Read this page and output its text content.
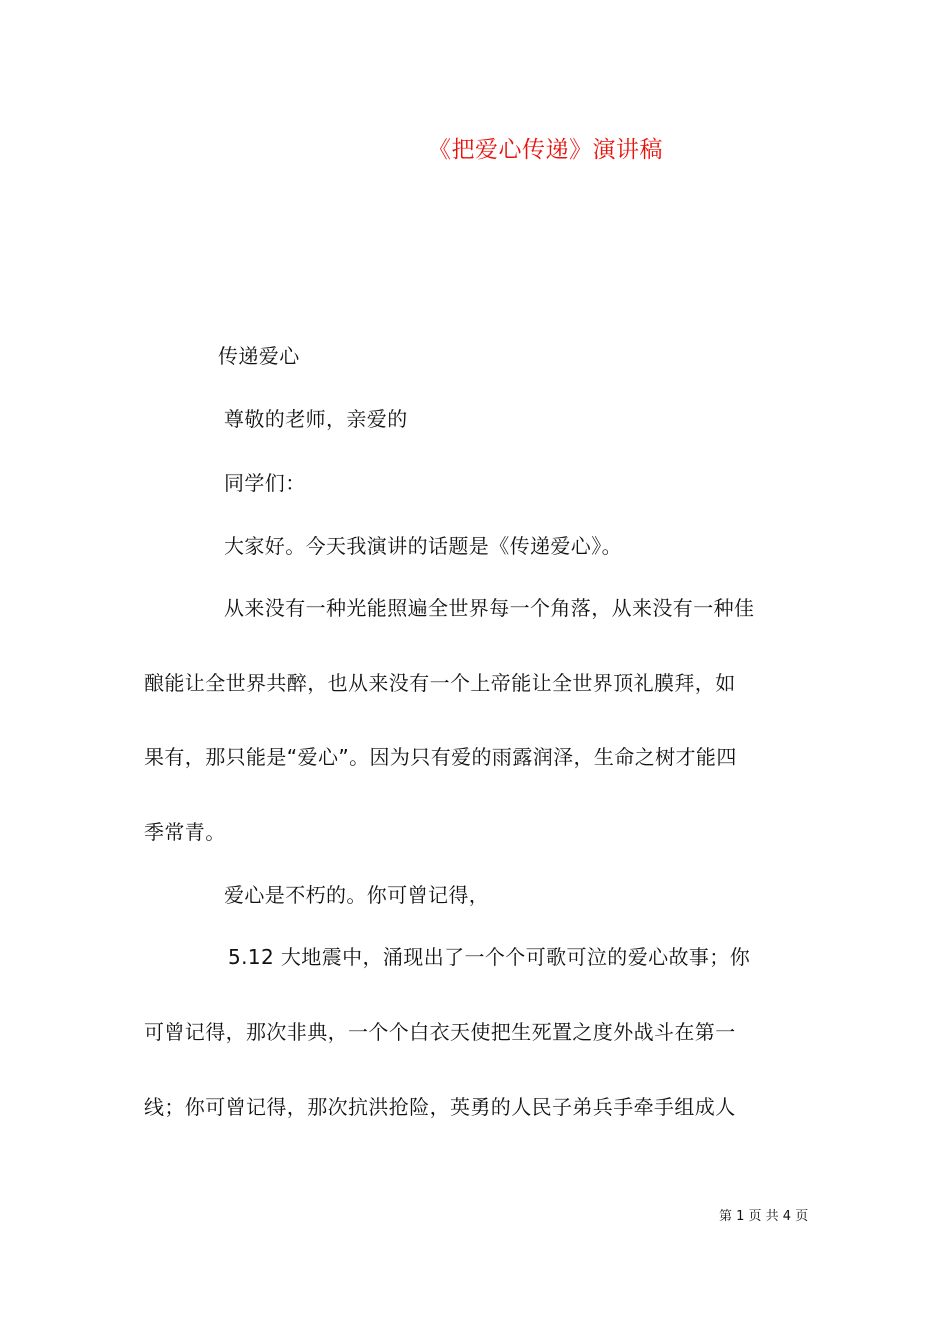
《把爱心传递》演讲稿
传递爱心
尊敬的老师，亲爱的
同学们：
大家好。今天我演讲的话题是《传递爱心》。
从来没有一种光能照遍全世界每一个角落，从来没有一种佳
酿能让全世界共醉，也从来没有一个上帝能让全世界顶礼膜拜，如
果有，那只能是“爱心”。因为只有爱的雨露润泽，生命之树才能四
季常青。
爱心是不朽的。你可曾记得，
5.12 大地震中，涌现出了一个个可歌可泣的爱心故事；你
可曾记得，那次非典，一个个白衣天使把生死置之度外战斗在第一
线；你可曾记得，那次抗洪抢险，英勇的人民子弟兵手牵手组成人
第 1 页 共 4 页
